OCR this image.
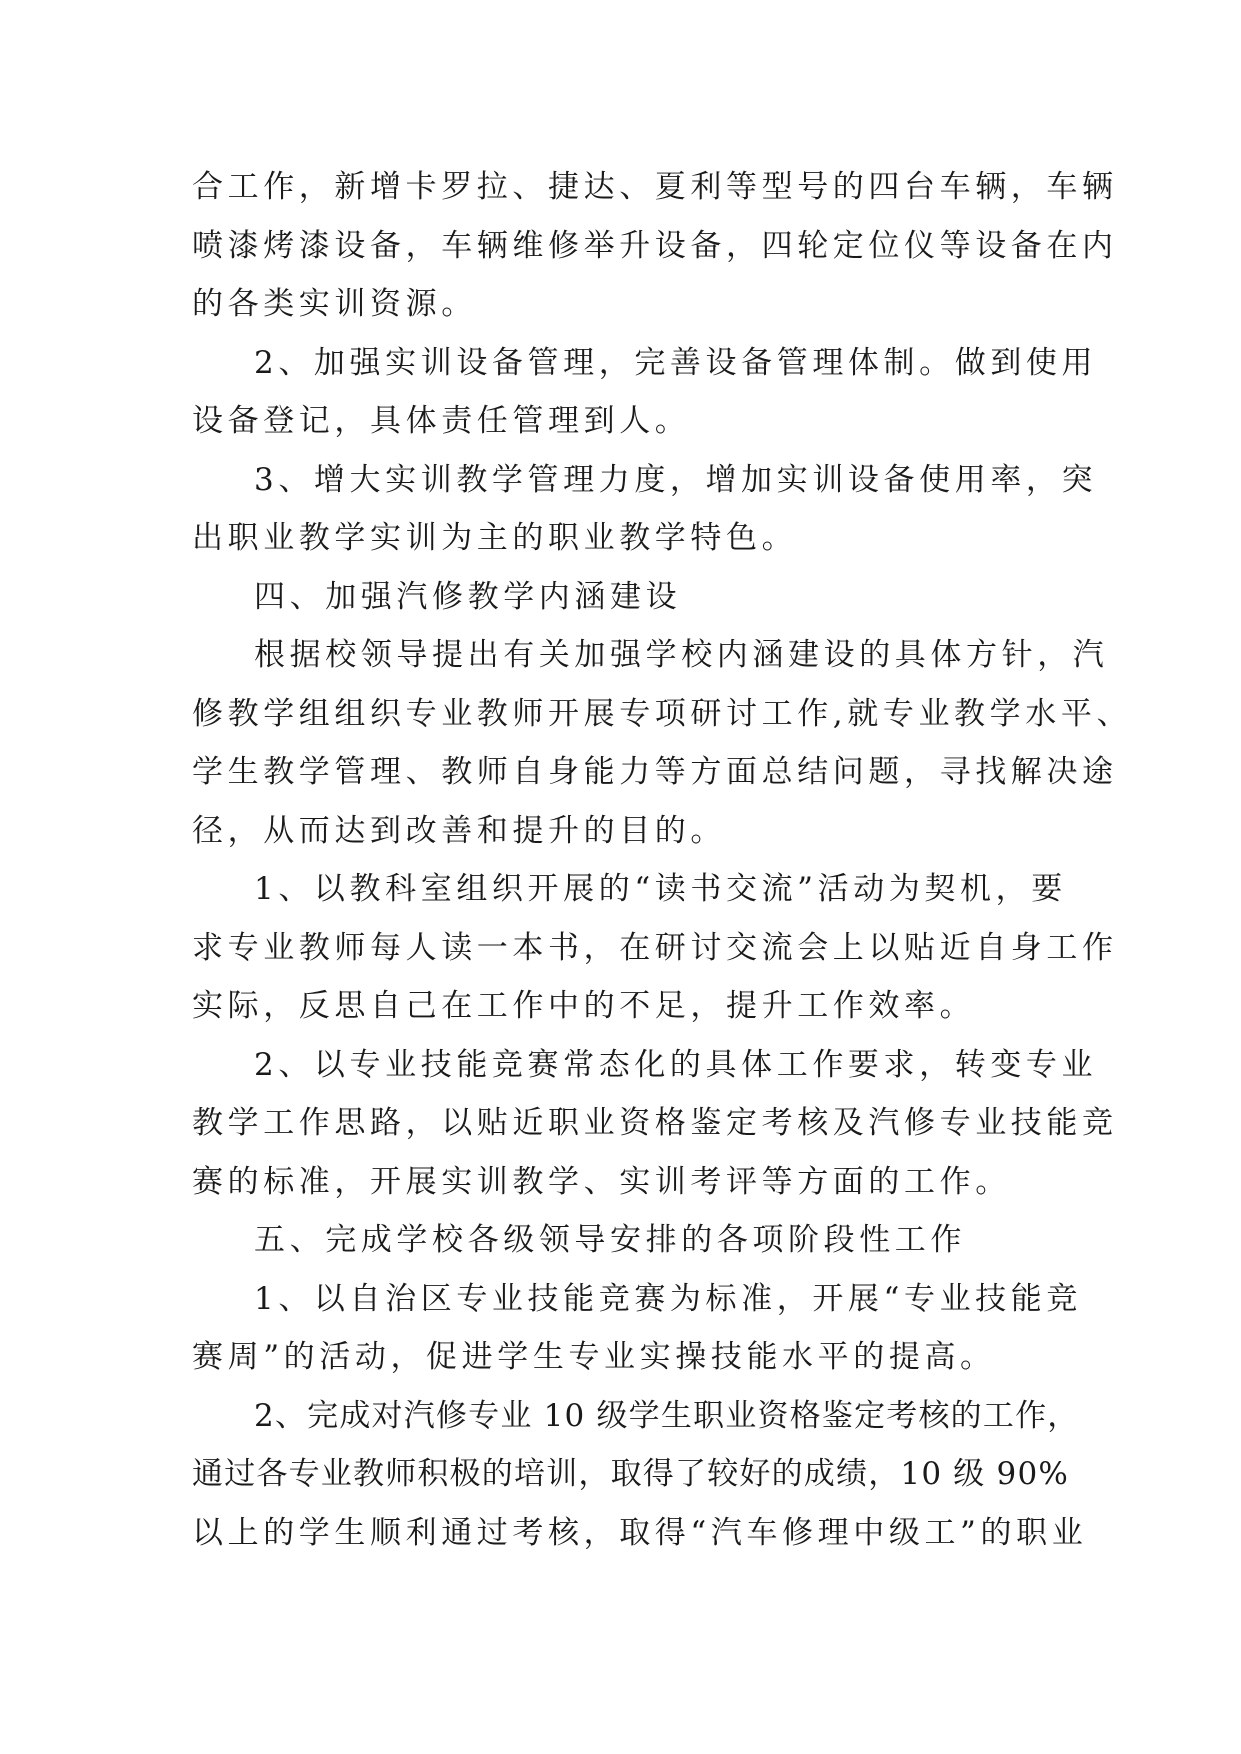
合工作，新增卡罗拉、捷达、夏利等型号的四台车辆，车辆
喷漆烤漆设备，车辆维修举升设备，四轮定位仪等设备在内
的各类实训资源。
2、加强实训设备管理，完善设备管理体制。做到使用
设备登记，具体责任管理到人。
3、增大实训教学管理力度，增加实训设备使用率，突
出职业教学实训为主的职业教学特色。
四、加强汽修教学内涵建设
根据校领导提出有关加强学校内涵建设的具体方针，汽
修教学组组织专业教师开展专项研讨工作,就专业教学水平、
学生教学管理、教师自身能力等方面总结问题，寻找解决途
径，从而达到改善和提升的目的。
1、以教科室组织开展的“读书交流”活动为契机，要
求专业教师每人读一本书，在研讨交流会上以贴近自身工作
实际，反思自己在工作中的不足，提升工作效率。
2、以专业技能竞赛常态化的具体工作要求，转变专业
教学工作思路，以贴近职业资格鉴定考核及汽修专业技能竞
赛的标准，开展实训教学、实训考评等方面的工作。
五、完成学校各级领导安排的各项阶段性工作
1、以自治区专业技能竞赛为标准，开展“专业技能竞
赛周”的活动，促进学生专业实操技能水平的提高。
2、完成对汽修专业 10 级学生职业资格鉴定考核的工作，
通过各专业教师积极的培训，取得了较好的成绩，10 级 90%
以上的学生顺利通过考核，取得“汽车修理中级工”的职业
